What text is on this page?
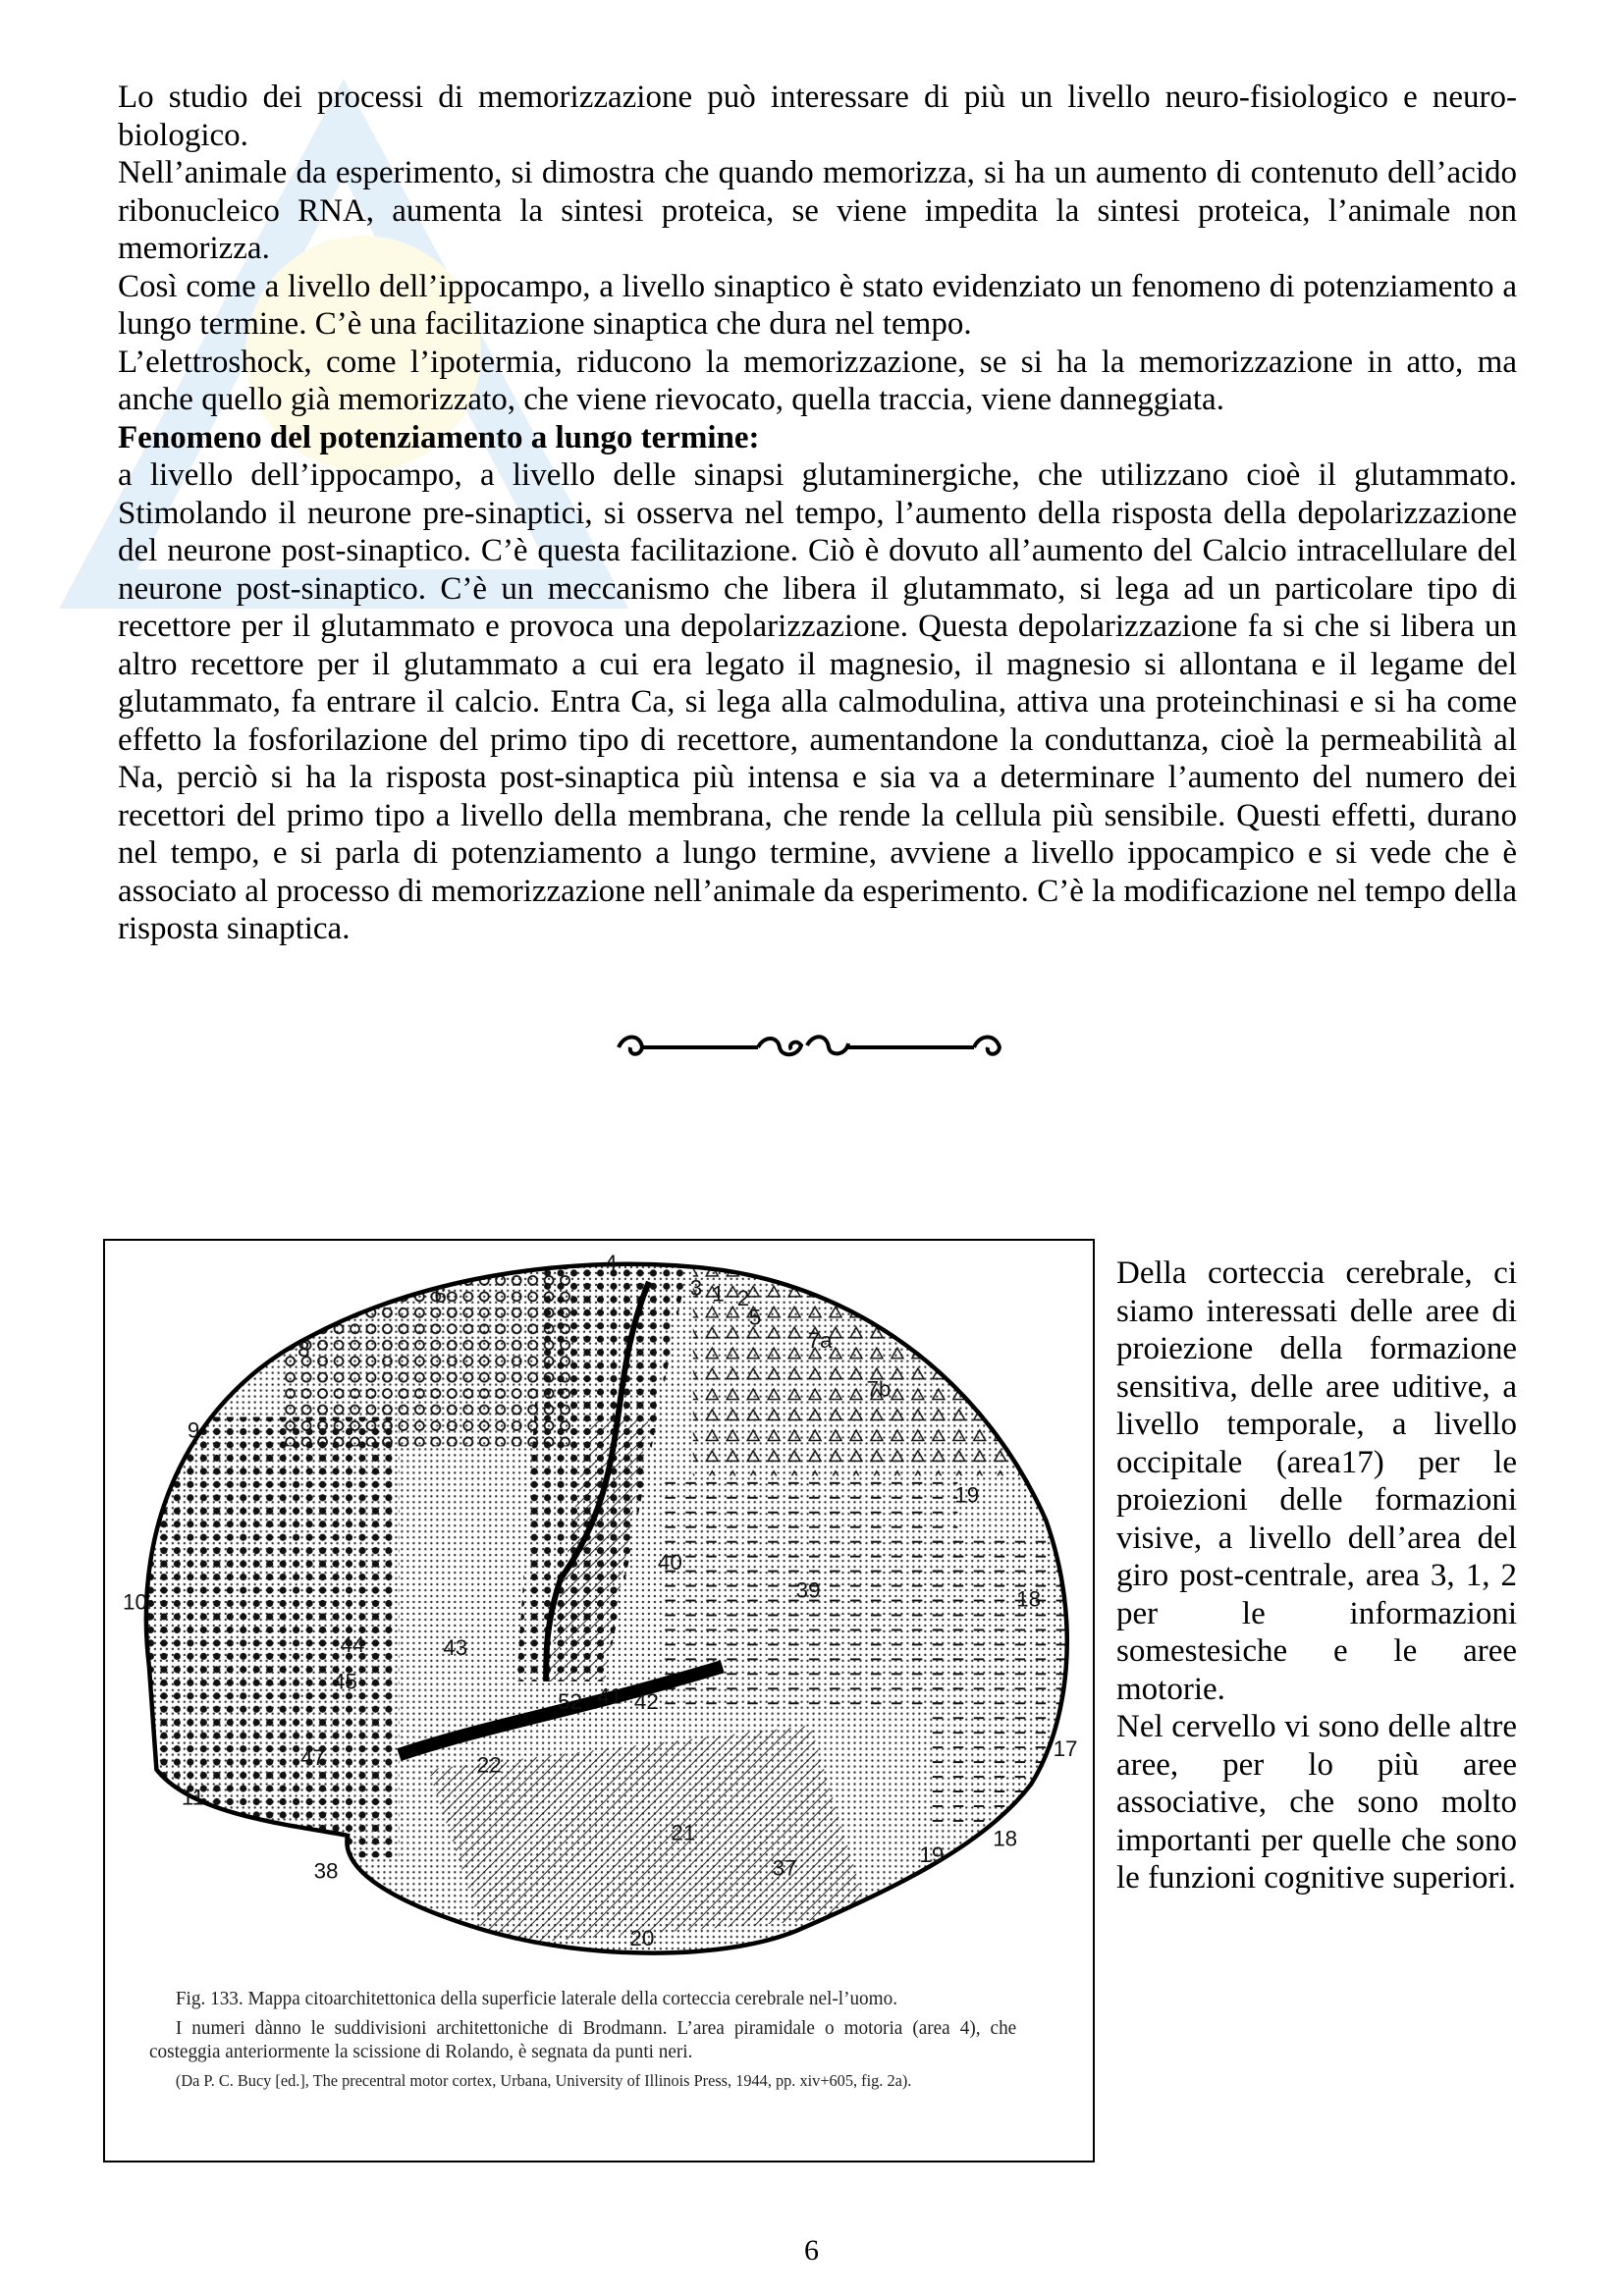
Lo studio dei processi di memorizzazione può interessare di più un livello neuro-fisiologico e neuro-biologico.

Nell’animale da esperimento, si dimostra che quando memorizza, si ha un aumento di contenuto dell’acido ribonucleico RNA, aumenta la sintesi proteica, se viene impedita la sintesi proteica, l’animale non memorizza.

Così come a livello dell’ippocampo, a livello sinaptico è stato evidenziato un fenomeno di potenziamento a lungo termine. C’è una facilitazione sinaptica che dura nel tempo.

L’elettroshock, come l’ipotermia, riducono la memorizzazione, se si ha la memorizzazione in atto, ma anche quello già memorizzato, che viene rievocato, quella traccia, viene danneggiata.

Fenomeno del potenziamento a lungo termine:

a livello dell’ippocampo, a livello delle sinapsi glutaminergiche, che utilizzano cioè il glutammato. Stimolando il neurone pre-sinaptici, si osserva nel tempo, l’aumento della risposta della depolarizzazione del neurone post-sinaptico. C’è questa facilitazione. Ciò è dovuto all’aumento del Calcio intracellulare del neurone post-sinaptico. C’è un meccanismo che libera il glutammato, si lega ad un particolare tipo di recettore per il glutammato e provoca una depolarizzazione. Questa depolarizzazione fa si che si libera un altro recettore per il glutammato a cui era legato il magnesio, il magnesio si allontana e il legame del glutammato, fa entrare il calcio. Entra Ca, si lega alla calmodulina, attiva una proteinchinasi e si ha come effetto la fosforilazione del primo tipo di recettore, aumentandone la conduttanza, cioè la permeabilità al Na, perciò si ha la risposta post-sinaptica più intensa e sia va a determinare l’aumento del numero dei recettori del primo tipo a livello della membrana, che rende la cellula più sensibile. Questi effetti, durano nel tempo, e si parla di potenziamento a lungo termine, avviene a livello ippocampico e si vede che è associato al processo di memorizzazione nell’animale da esperimento. C’è la modificazione nel tempo della risposta sinaptica.

4
6	3 1 2
5
7a
8
7b
9
19
10
40
39	18
44
45
43
52 41 42
22
47	17
11
21	18
19
38	37
20

Fig. 133. Mappa citoarchitettonica della superficie laterale della corteccia cerebrale nel-l’uomo.

I numeri dànno le suddivisioni architettoniche di Brodmann. L’area piramidale o motoria (area 4), che costeggia anteriormente la scissione di Rolando, è segnata da punti neri.

(Da P. C. Bucy [ed.], The precentral motor cortex, Urbana, University of Illinois Press, 1944, pp. xiv+605, fig. 2a).

Della corteccia cerebrale, ci siamo interessati delle aree di proiezione della formazione sensitiva, delle aree uditive, a livello temporale, a livello occipitale (area17) per le proiezioni delle formazioni visive, a livello dell’area del giro post-centrale, area 3, 1, 2 per le informazioni somestesiche e le aree motorie.

Nel cervello vi sono delle altre aree, per lo più aree associative, che sono molto importanti per quelle che sono le funzioni cognitive superiori.

6
